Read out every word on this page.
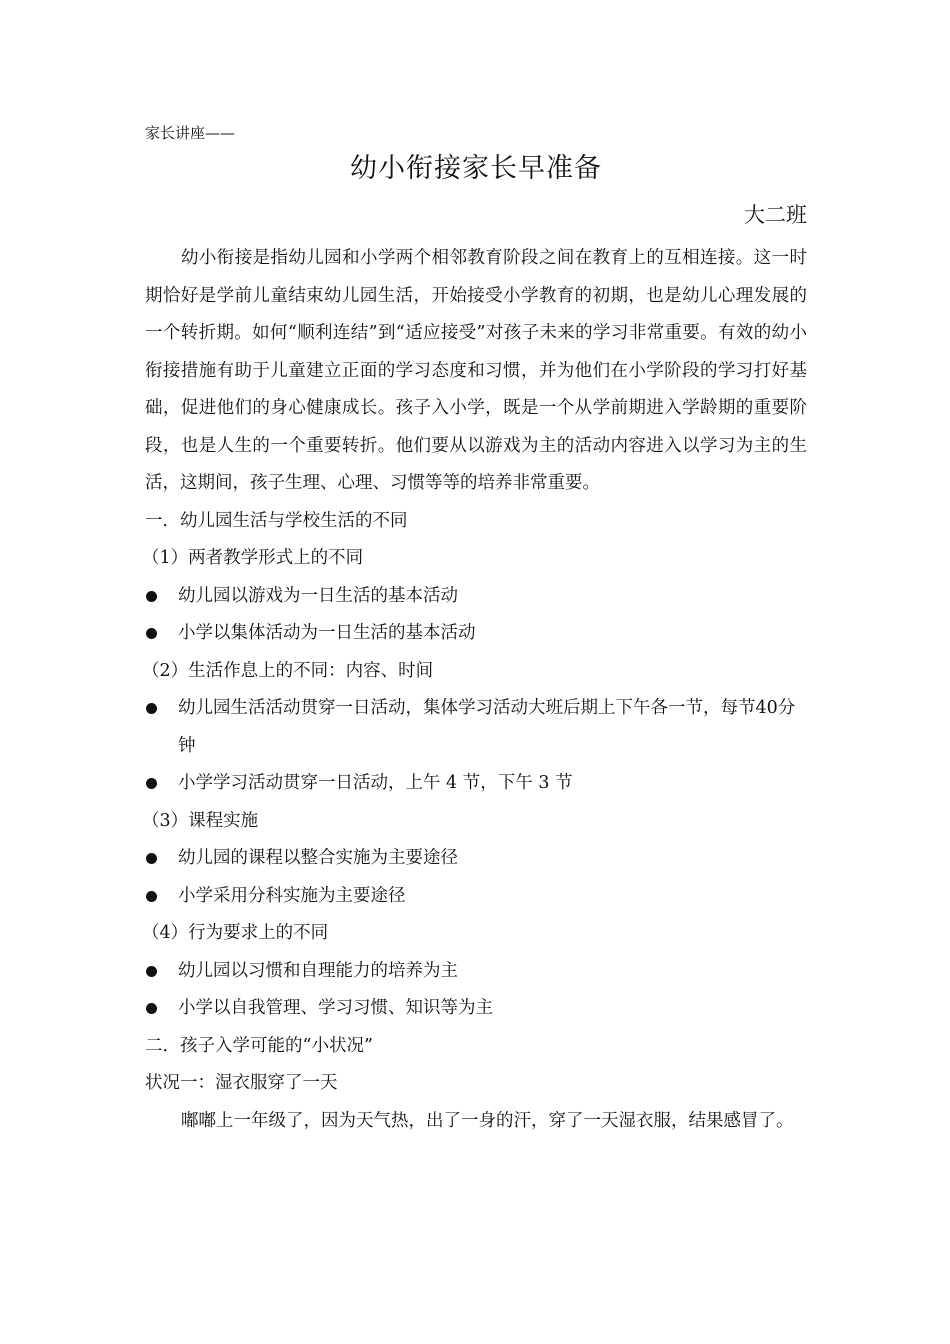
家长讲座——
幼小衔接家长早准备
大二班

幼小衔接是指幼儿园和小学两个相邻教育阶段之间在教育上的互相连接。这一时期恰好是学前儿童结束幼儿园生活，开始接受小学教育的初期，也是幼儿心理发展的一个转折期。如何“顺利连结”到“适应接受”对孩子未来的学习非常重要。有效的幼小衔接措施有助于儿童建立正面的学习态度和习惯，并为他们在小学阶段的学习打好基础，促进他们的身心健康成长。孩子入小学，既是一个从学前期进入学龄期的重要阶段，也是人生的一个重要转折。他们要从以游戏为主的活动内容进入以学习为主的生活，这期间，孩子生理、心理、习惯等等的培养非常重要。

一．幼儿园生活与学校生活的不同
（1）两者教学形式上的不同
幼儿园以游戏为一日生活的基本活动
小学以集体活动为一日生活的基本活动
（2）生活作息上的不同：内容、时间
幼儿园生活活动贯穿一日活动，集体学习活动大班后期上下午各一节，每节40分钟
小学学习活动贯穿一日活动，上午 4 节，下午 3 节
（3）课程实施
幼儿园的课程以整合实施为主要途径
小学采用分科实施为主要途径
（4）行为要求上的不同
幼儿园以习惯和自理能力的培养为主
小学以自我管理、学习习惯、知识等为主
二．孩子入学可能的“小状况”
状况一：湿衣服穿了一天

嘟嘟上一年级了，因为天气热，出了一身的汗，穿了一天湿衣服，结果感冒了。
